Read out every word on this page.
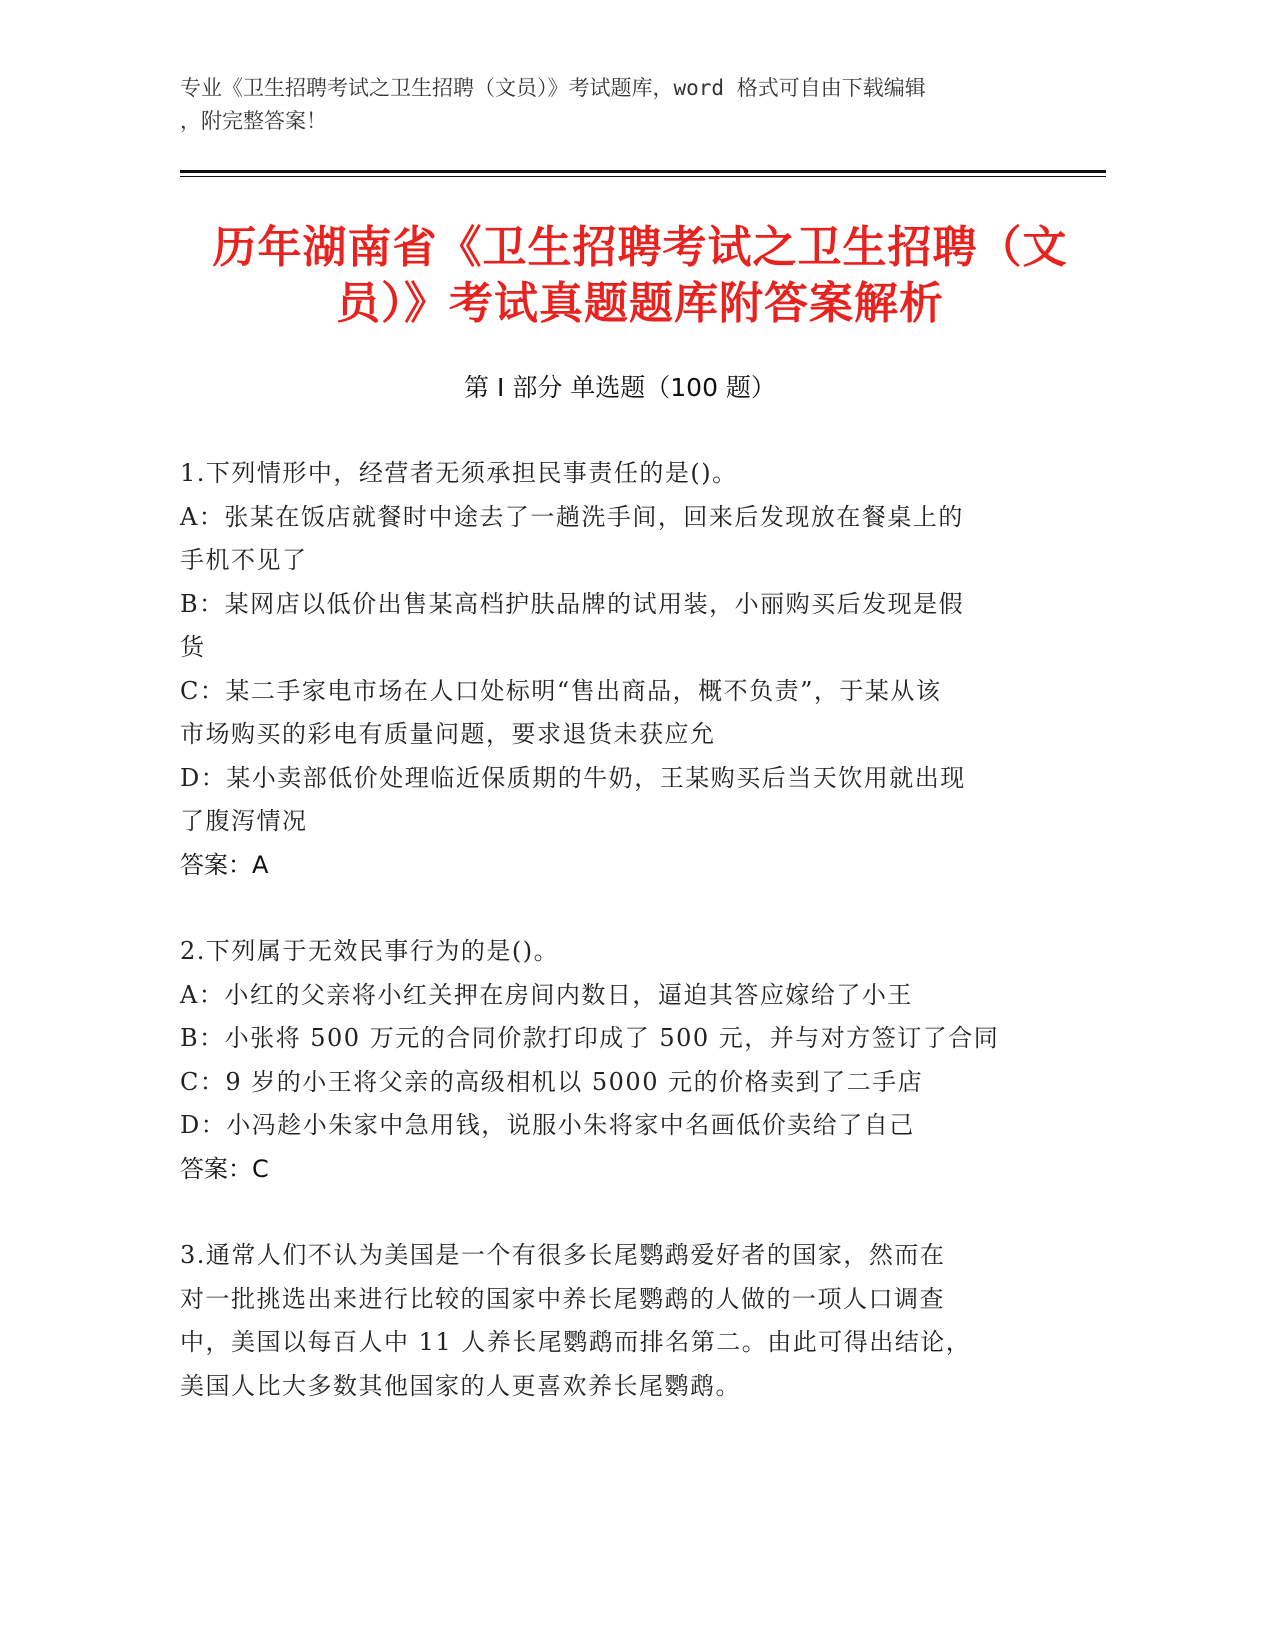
专业《卫生招聘考试之卫生招聘（文员）》考试题库，word 格式可自由下载编辑
，附完整答案！
历年湖南省《卫生招聘考试之卫生招聘（文
员）》考试真题题库附答案解析
第 I 部分 单选题（100 题）
1.下列情形中，经营者无须承担民事责任的是()。
A：张某在饭店就餐时中途去了一趟洗手间，回来后发现放在餐桌上的
手机不见了
B：某网店以低价出售某高档护肤品牌的试用装，小丽购买后发现是假
货
C：某二手家电市场在人口处标明“售出商品，概不负责”，于某从该
市场购买的彩电有质量问题，要求退货未获应允
D：某小卖部低价处理临近保质期的牛奶，王某购买后当天饮用就出现
了腹泻情况
答案：A
2.下列属于无效民事行为的是()。
A：小红的父亲将小红关押在房间内数日，逼迫其答应嫁给了小王
B：小张将 500 万元的合同价款打印成了 500 元，并与对方签订了合同
C：9 岁的小王将父亲的高级相机以 5000 元的价格卖到了二手店
D：小冯趁小朱家中急用钱，说服小朱将家中名画低价卖给了自己
答案：C
3.通常人们不认为美国是一个有很多长尾鹦鹉爱好者的国家，然而在
对一批挑选出来进行比较的国家中养长尾鹦鹉的人做的一项人口调查
中，美国以每百人中 11 人养长尾鹦鹉而排名第二。由此可得出结论，
美国人比大多数其他国家的人更喜欢养长尾鹦鹉。
